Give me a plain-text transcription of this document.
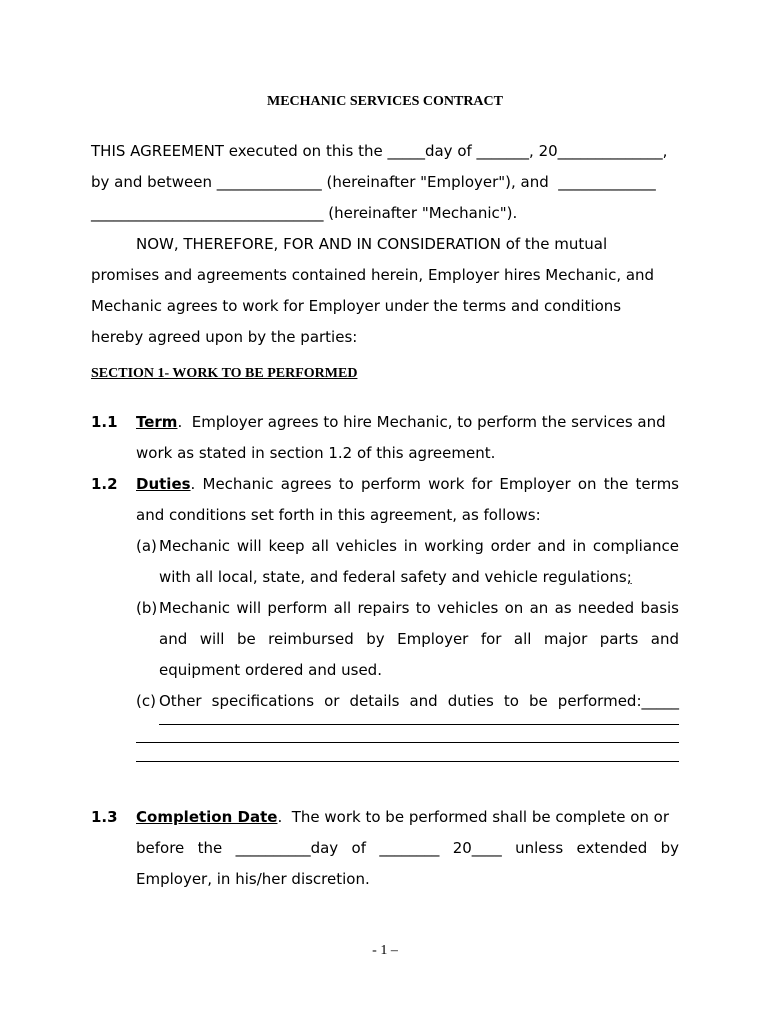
MECHANIC SERVICES CONTRACT
THIS AGREEMENT executed on this the _____day of _______, 20______________,
by and between ______________ (hereinafter "Employer"), and  _____________
_______________________________ (hereinafter "Mechanic").
NOW, THEREFORE, FOR AND IN CONSIDERATION of the mutual
promises and agreements contained herein, Employer hires Mechanic, and
Mechanic agrees to work for Employer under the terms and conditions
hereby agreed upon by the parties:
SECTION 1- WORK TO BE PERFORMED
1.1 Term.  Employer agrees to hire Mechanic, to perform the services and
work as stated in section 1.2 of this agreement.
1.2 Duties. Mechanic agrees to perform work for Employer on the terms
and conditions set forth in this agreement, as follows:
(a) Mechanic will keep all vehicles in working order and in compliance
with all local, state, and federal safety and vehicle regulations;
(b) Mechanic will perform all repairs to vehicles on an as needed basis
and will be reimbursed by Employer for all major parts and
equipment ordered and used.
(c) Other specifications or details and duties to be performed:_____
1.3 Completion Date.  The work to be performed shall be complete on or
before the __________day of ________ 20____ unless extended by
Employer, in his/her discretion.
- 1 –
